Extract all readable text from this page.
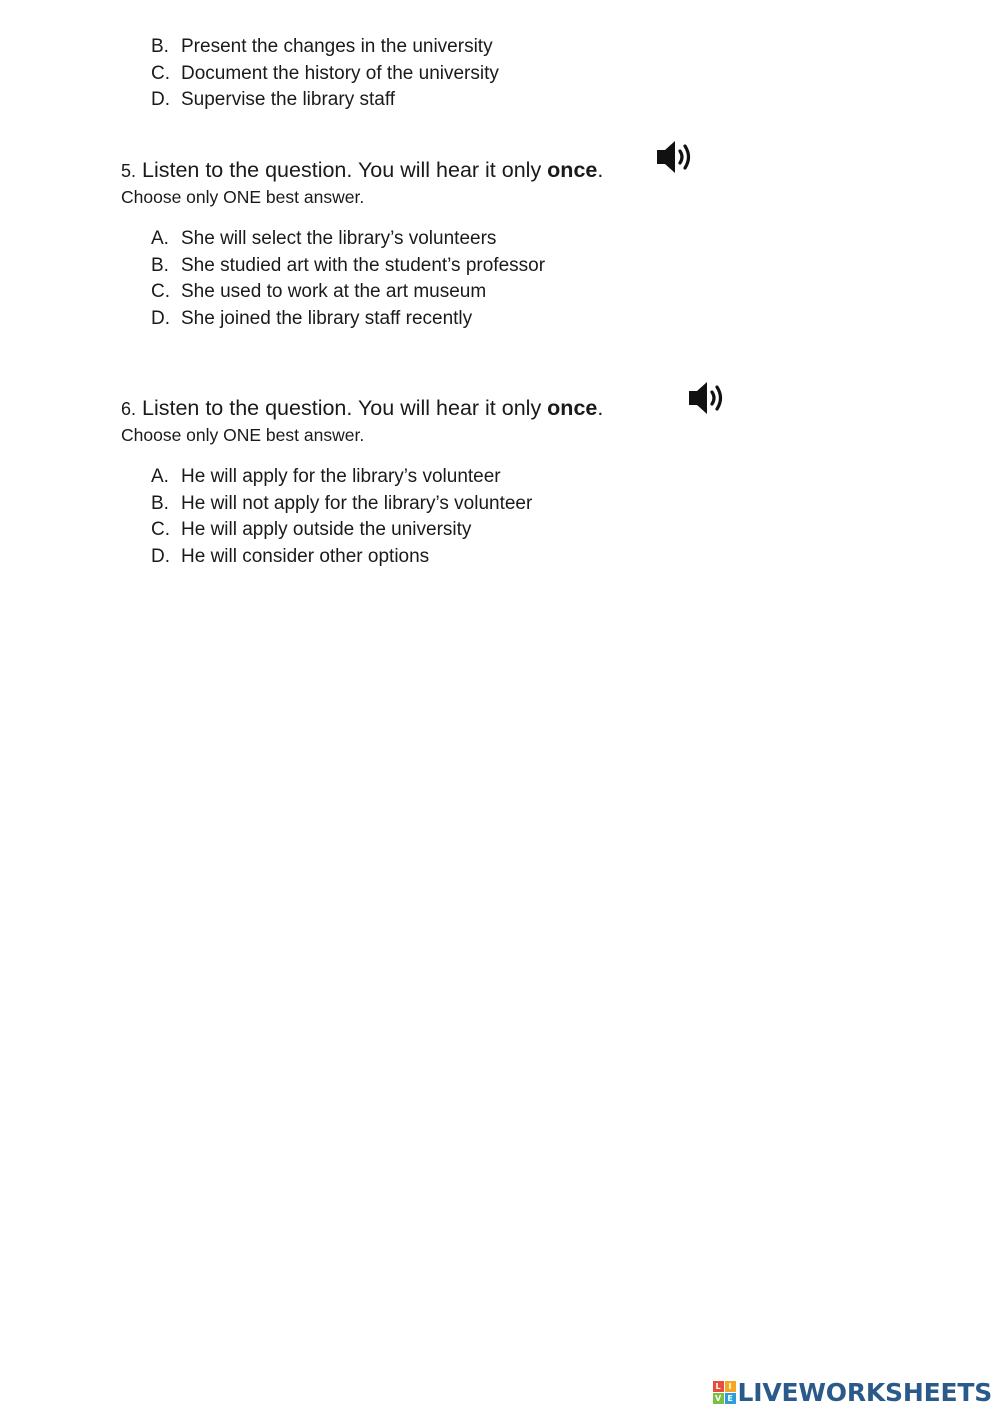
B. Present the changes in the university
C. Document the history of the university
D. Supervise the library staff
5. Listen to the question. You will hear it only once.
Choose only ONE best answer.
A. She will select the library’s volunteers
B. She studied art with the student’s professor
C. She used to work at the art museum
D. She joined the library staff recently
6. Listen to the question. You will hear it only once.
Choose only ONE best answer.
A. He will apply for the library’s volunteer
B. He will not apply for the library’s volunteer
C. He will apply outside the university
D. He will consider other options
L I
V E LIVEWORKSHEETS
